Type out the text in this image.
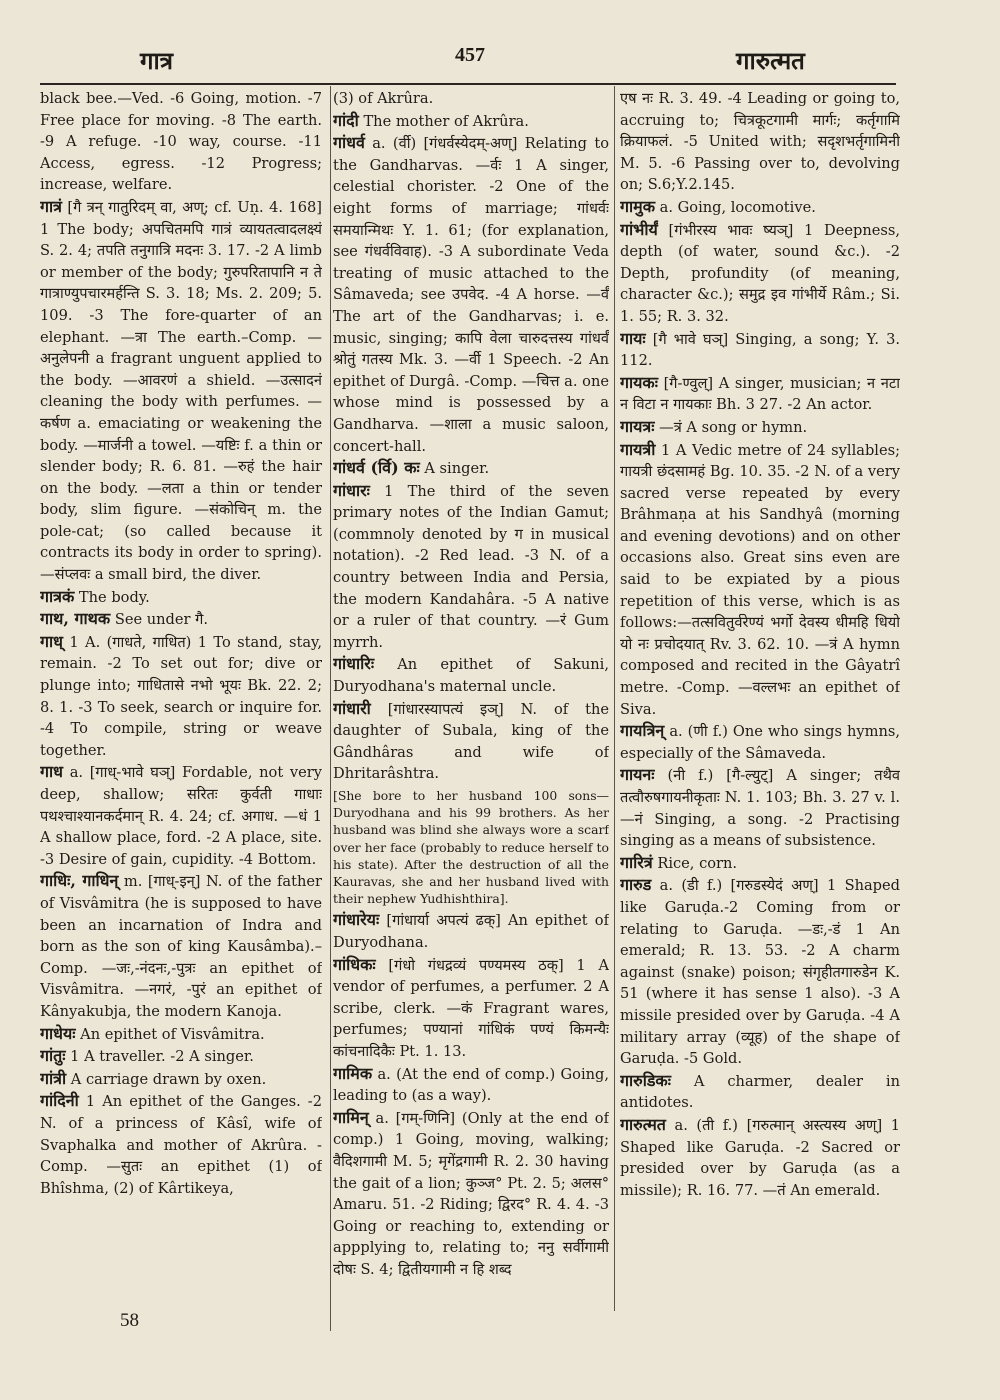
गात्र	457	गारुत्मत

black bee.—Ved. -6 Going, motion. -7 Free place for moving. -8 The earth. -9 A refuge. -10 way, course. -11 Access, egress. -12 Progress; increase, welfare.

गात्रं [गै त्रन् गातुरिदम् वा, अण्; cf. Uṇ. 4. 168] 1 The body; अपचितमपि गात्रं व्यायतत्वादलक्ष्यं S. 2. 4; तपति तनुगात्रि मदनः 3. 17. -2 A limb or member of the body; गुरुपरितापानि न ते गात्राण्युपचारमर्हन्ति S. 3. 18; Ms. 2. 209; 5. 109. -3 The fore-quarter of an elephant. —त्रा The earth.–Comp. —अनुलेपनी a fragrant unguent applied to the body. —आवरणं a shield. —उत्सादनं cleaning the body with perfumes. —कर्षण a. emaciating or weakening the body. —मार्जनी a towel. —यष्टिः f. a thin or slender body; R. 6. 81. —रुहं the hair on the body. —लता a thin or tender body, slim figure. —संकोचिन् m. the pole-cat; (so called because it contracts its body in order to spring). —संप्लवः a small bird, the diver.

गात्रकं The body.

गाथ, गाथक See under गै.

गाध् 1 A. (गाधते, गाधित) 1 To stand, stay, remain. -2 To set out for; dive or plunge into; गाधितासे नभो भूयः Bk. 22. 2; 8. 1. -3 To seek, search or inquire for. -4 To compile, string or weave together.

गाध a. [गाध्-भावे घञ्] Fordable, not very deep, shallow; सरितः कुर्वती गाधाः पथश्चाश्यानकर्दमान् R. 4. 24; cf. अगाध. —धं 1 A shallow place, ford. -2 A place, site. -3 Desire of gain, cupidity. -4 Bottom.

गाधिः, गाधिन् m. [गाध्-इन्] N. of the father of Visvâmitra (he is supposed to have been an incarnation of Indra and born as the son of king Kausâmba).–Comp. —जः,-नंदनः,-पुत्रः an epithet of Visvâmitra. —नगरं, -पुरं an epithet of Kânyakubja, the modern Kanoja.

गाधेयः An epithet of Visvâmitra.

गांतुः 1 A traveller. -2 A singer.

गांत्री A carriage drawn by oxen.

गांदिनी 1 An epithet of the Ganges. -2 N. of a princess of Kâsî, wife of Svaphalka and mother of Akrûra. -Comp. —सुतः an epithet (1) of Bhîshma, (2) of Kârtikeya,

(3) of Akrûra.

गांदी The mother of Akrûra.

गांधर्व a. (र्वी) [गंधर्वस्येदम्-अण्] Relating to the Gandharvas. —र्वः 1 A singer, celestial chorister. -2 One of the eight forms of marriage; गांधर्वः समयान्मिथः Y. 1. 61; (for explanation, see गंधर्वविवाह). -3 A subordinate Veda treating of music attached to the Sâmaveda; see उपवेद. -4 A horse. —र्वं The art of the Gandharvas; i. e. music, singing; कापि वेला चारुदत्तस्य गांधर्वं श्रोतुं गतस्य Mk. 3. —र्वी 1 Speech. -2 An epithet of Durgâ. -Comp. —चित्त a. one whose mind is possessed by a Gandharva. —शाला a music saloon, concert-hall.

गांधर्व (र्वि) कः A singer.

गांधारः 1 The third of the seven primary notes of the Indian Gamut; (commnoly denoted by ग in musical notation). -2 Red lead. -3 N. of a country between India and Persia, the modern Kandahâra. -5 A native or a ruler of that country. —रं Gum myrrh.

गांधारिः An epithet of Sakuni, Duryodhana's maternal uncle.

गांधारी [गांधारस्यापत्यं इञ्] N. of the daughter of Subala, king of the Gândhâras and wife of Dhritarâshtra.

[She bore to her husband 100 sons—Duryodhana and his 99 brothers. As her husband was blind she always wore a scarf over her face (probably to reduce herself to his state). After the destruction of all the Kauravas, she and her husband lived with their nephew Yudhishthira].

गांधारेयः [गांधार्या अपत्यं ढक्] An epithet of Duryodhana.

गांधिकः [गंधो गंधद्रव्यं पण्यमस्य ठक्] 1 A vendor of perfumes, a perfumer. 2 A scribe, clerk. —कं Fragrant wares, perfumes; पण्यानां गांधिकं पण्यं किमन्यैः कांचनादिकैः Pt. 1. 13.

गामिक a. (At the end of comp.) Going, leading to (as a way).

गामिन् a. [गम्-णिनि] (Only at the end of comp.) 1 Going, moving, walking; वैदिशगामी M. 5; मृगेंद्रगामी R. 2. 30 having the gait of a lion; कुञ्ज° Pt. 2. 5; अलस° Amaru. 51. -2 Riding; द्विरद° R. 4. 4. -3 Going or reaching to, extending or appplying to, relating to; ननु सर्वीगामी दोषः S. 4; द्वितीयगामी न हि शब्द

एष नः R. 3. 49. -4 Leading or going to, accruing to; चित्रकूटगामी मार्गः; कर्तृगामि क्रियाफलं. -5 United with; सदृशभर्तृगामिनी M. 5. -6 Passing over to, devolving on; S.6;Y.2.145.

गामुक a. Going, locomotive.

गांभीर्यं [गंभीरस्य भावः ष्यञ्] 1 Deepness, depth (of water, sound &c.). -2 Depth, profundity (of meaning, character &c.); समुद्र इव गांभीर्ये Râm.; Si. 1. 55; R. 3. 32.

गायः [गै भावे घञ्] Singing, a song; Y. 3. 112.

गायकः [गै-ण्वुल्] A singer, musician; न नटा न विटा न गायकाः Bh. 3 27. -2 An actor.

गायत्रः —त्रं A song or hymn.

गायत्री 1 A Vedic metre of 24 syllables; गायत्री छंदसामहं Bg. 10. 35. -2 N. of a very sacred verse repeated by every Brâhmaṇa at his Sandhyâ (morning and evening devotions) and on other occasions also. Great sins even are said to be expiated by a pious repetition of this verse, which is as follows:—तत्सवितुर्वरेण्यं भर्गो देवस्य धीमहि धियो यो नः प्रचोदयात् Rv. 3. 62. 10. —त्रं A hymn composed and recited in the Gâyatrî metre. -Comp. —वल्लभः an epithet of Siva.

गायत्रिन् a. (णी f.) One who sings hymns, especially of the Sâmaveda.

गायनः (नी f.) [गै-ल्युट्] A singer; तथैव तत्वौरुषगायनीकृताः N. 1. 103; Bh. 3. 27 v. l. —नं Singing, a song. -2 Practising singing as a means of subsistence.

गारित्रं Rice, corn.

गारुड a. (डी f.) [गरुडस्येदं अण्] 1 Shaped like Garuḍa.-2 Coming from or relating to Garuḍa. —डः,-डं 1 An emerald; R. 13. 53. -2 A charm against (snake) poison; संगृहीतगारुडेन K. 51 (where it has sense 1 also). -3 A missile presided over by Garuḍa. -4 A military array (व्यूह) of the shape of Garuḍa. -5 Gold.

गारुडिकः A charmer, dealer in antidotes.

गारुत्मत a. (ती f.) [गरुत्मान् अस्त्यस्य अण्] 1 Shaped like Garuḍa. -2 Sacred or presided over by Garuḍa (as a missile); R. 16. 77. —तं An emerald.

58
